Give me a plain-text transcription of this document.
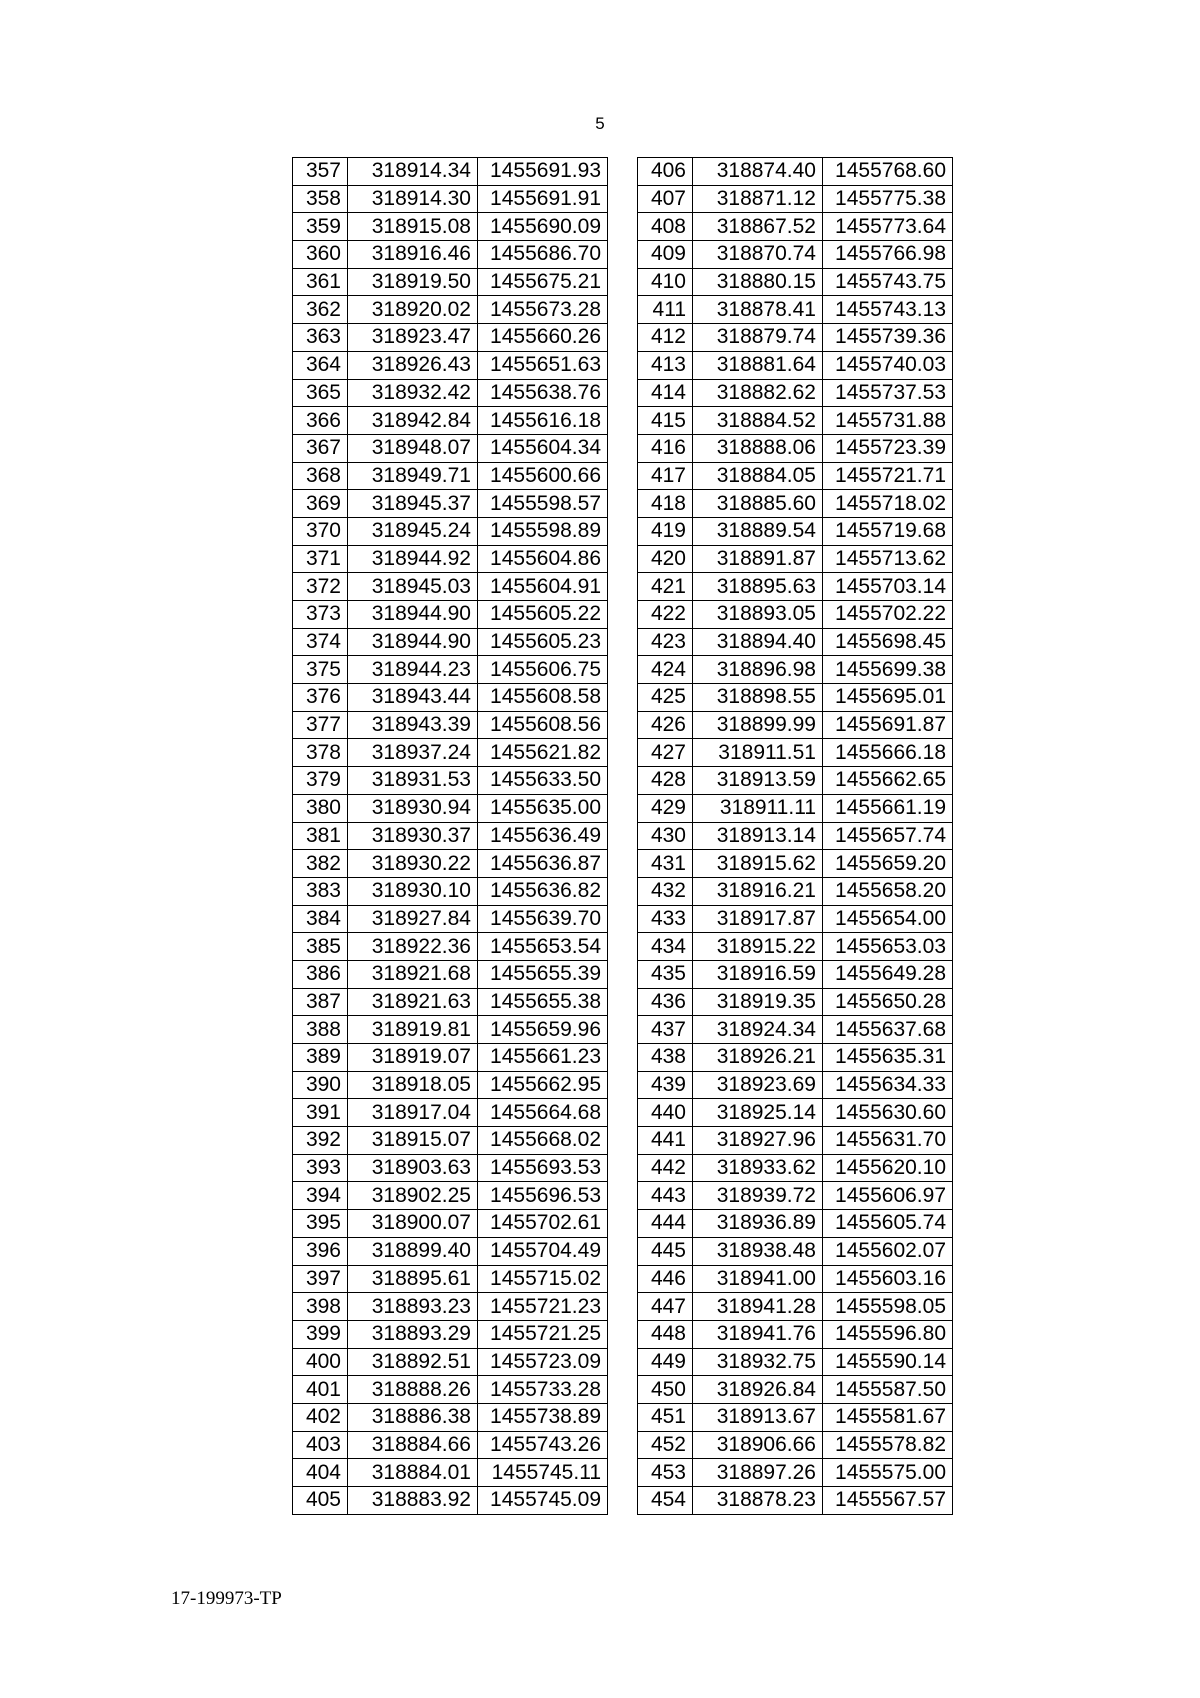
5
357	318914.34	1455691.93
358	318914.30	1455691.91
359	318915.08	1455690.09
360	318916.46	1455686.70
361	318919.50	1455675.21
362	318920.02	1455673.28
363	318923.47	1455660.26
364	318926.43	1455651.63
365	318932.42	1455638.76
366	318942.84	1455616.18
367	318948.07	1455604.34
368	318949.71	1455600.66
369	318945.37	1455598.57
370	318945.24	1455598.89
371	318944.92	1455604.86
372	318945.03	1455604.91
373	318944.90	1455605.22
374	318944.90	1455605.23
375	318944.23	1455606.75
376	318943.44	1455608.58
377	318943.39	1455608.56
378	318937.24	1455621.82
379	318931.53	1455633.50
380	318930.94	1455635.00
381	318930.37	1455636.49
382	318930.22	1455636.87
383	318930.10	1455636.82
384	318927.84	1455639.70
385	318922.36	1455653.54
386	318921.68	1455655.39
387	318921.63	1455655.38
388	318919.81	1455659.96
389	318919.07	1455661.23
390	318918.05	1455662.95
391	318917.04	1455664.68
392	318915.07	1455668.02
393	318903.63	1455693.53
394	318902.25	1455696.53
395	318900.07	1455702.61
396	318899.40	1455704.49
397	318895.61	1455715.02
398	318893.23	1455721.23
399	318893.29	1455721.25
400	318892.51	1455723.09
401	318888.26	1455733.28
402	318886.38	1455738.89
403	318884.66	1455743.26
404	318884.01	1455745.11
405	318883.92	1455745.09
406	318874.40	1455768.60
407	318871.12	1455775.38
408	318867.52	1455773.64
409	318870.74	1455766.98
410	318880.15	1455743.75
411	318878.41	1455743.13
412	318879.74	1455739.36
413	318881.64	1455740.03
414	318882.62	1455737.53
415	318884.52	1455731.88
416	318888.06	1455723.39
417	318884.05	1455721.71
418	318885.60	1455718.02
419	318889.54	1455719.68
420	318891.87	1455713.62
421	318895.63	1455703.14
422	318893.05	1455702.22
423	318894.40	1455698.45
424	318896.98	1455699.38
425	318898.55	1455695.01
426	318899.99	1455691.87
427	318911.51	1455666.18
428	318913.59	1455662.65
429	318911.11	1455661.19
430	318913.14	1455657.74
431	318915.62	1455659.20
432	318916.21	1455658.20
433	318917.87	1455654.00
434	318915.22	1455653.03
435	318916.59	1455649.28
436	318919.35	1455650.28
437	318924.34	1455637.68
438	318926.21	1455635.31
439	318923.69	1455634.33
440	318925.14	1455630.60
441	318927.96	1455631.70
442	318933.62	1455620.10
443	318939.72	1455606.97
444	318936.89	1455605.74
445	318938.48	1455602.07
446	318941.00	1455603.16
447	318941.28	1455598.05
448	318941.76	1455596.80
449	318932.75	1455590.14
450	318926.84	1455587.50
451	318913.67	1455581.67
452	318906.66	1455578.82
453	318897.26	1455575.00
454	318878.23	1455567.57
17-199973-TP
